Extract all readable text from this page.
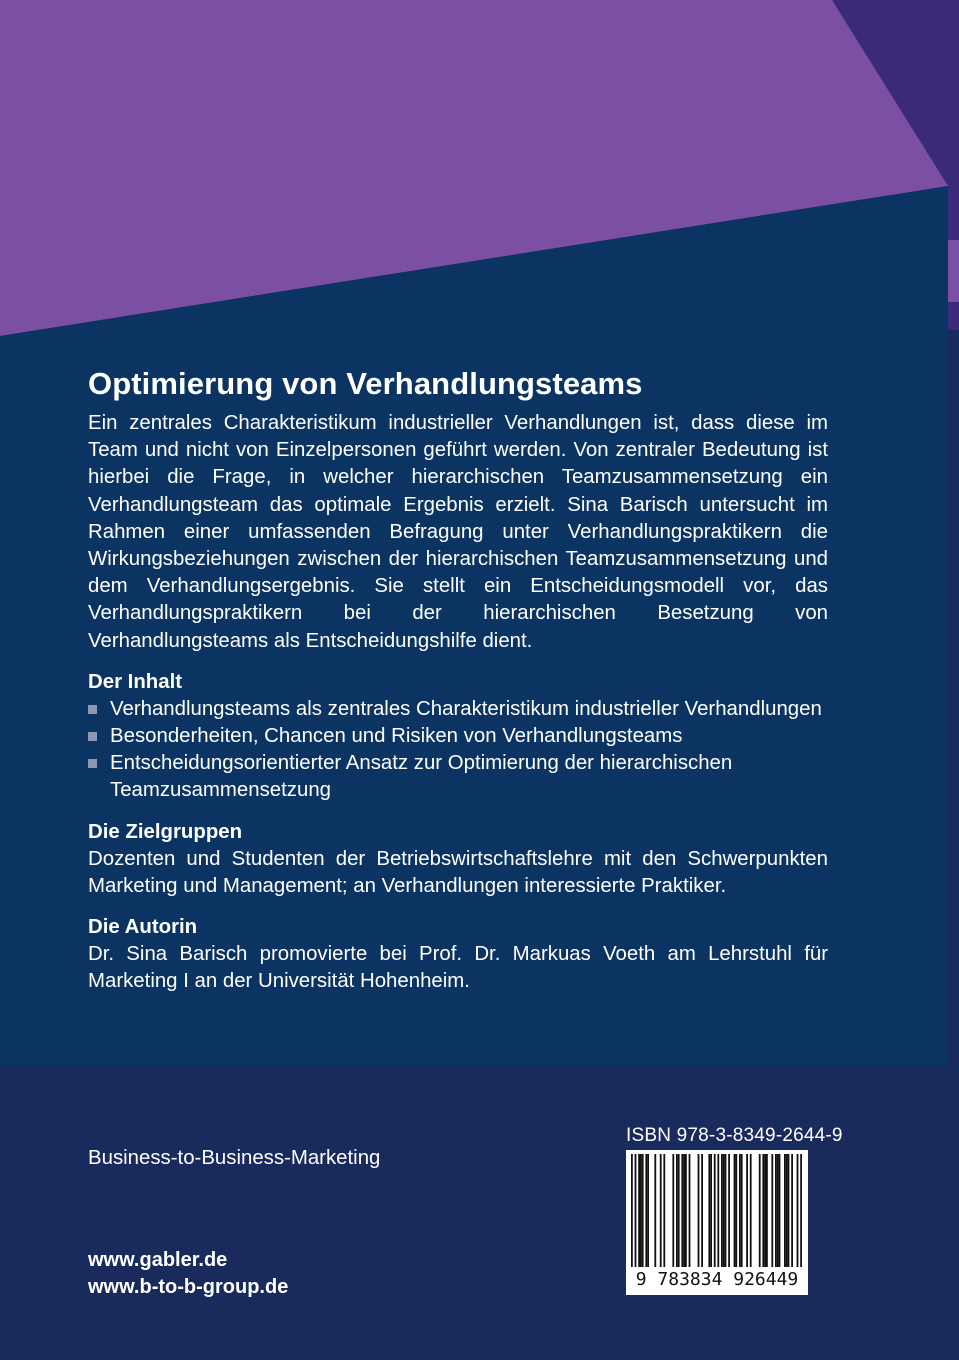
Optimierung von Verhandlungsteams

Ein zentrales Charakteristikum industrieller Verhandlungen ist, dass diese im Team und nicht von Einzelpersonen geführt werden. Von zentraler Bedeutung ist hierbei die Frage, in welcher hierarchischen Teamzusammensetzung ein Verhandlungsteam das optimale Ergebnis erzielt. Sina Barisch untersucht im Rahmen einer umfassenden Befragung unter Verhandlungspraktikern die Wirkungsbeziehungen zwischen der hierarchischen Teamzusammensetzung und dem Verhandlungsergebnis. Sie stellt ein Entscheidungsmodell vor, das Verhandlungspraktikern bei der hierarchischen Besetzung von Verhandlungsteams als Entscheidungshilfe dient.

Der Inhalt
Verhandlungsteams als zentrales Charakteristikum industrieller Verhandlungen
Besonderheiten, Chancen und Risiken von Verhandlungsteams
Entscheidungsorientierter Ansatz zur Optimierung der hierarchischen Teamzusammensetzung
Die Zielgruppen

Dozenten und Studenten der Betriebswirtschaftslehre mit den Schwerpunkten Marketing und Management; an Verhandlungen interessierte Praktiker.

Die Autorin

Dr. Sina Barisch promovierte bei Prof. Dr. Markuas Voeth am Lehrstuhl für Marketing I an der Universität Hohenheim.

Business-to-Business-Marketing
www.gabler.de
www.b-to-b-group.de
ISBN 978-3-8349-2644-9
9 783834 926449
